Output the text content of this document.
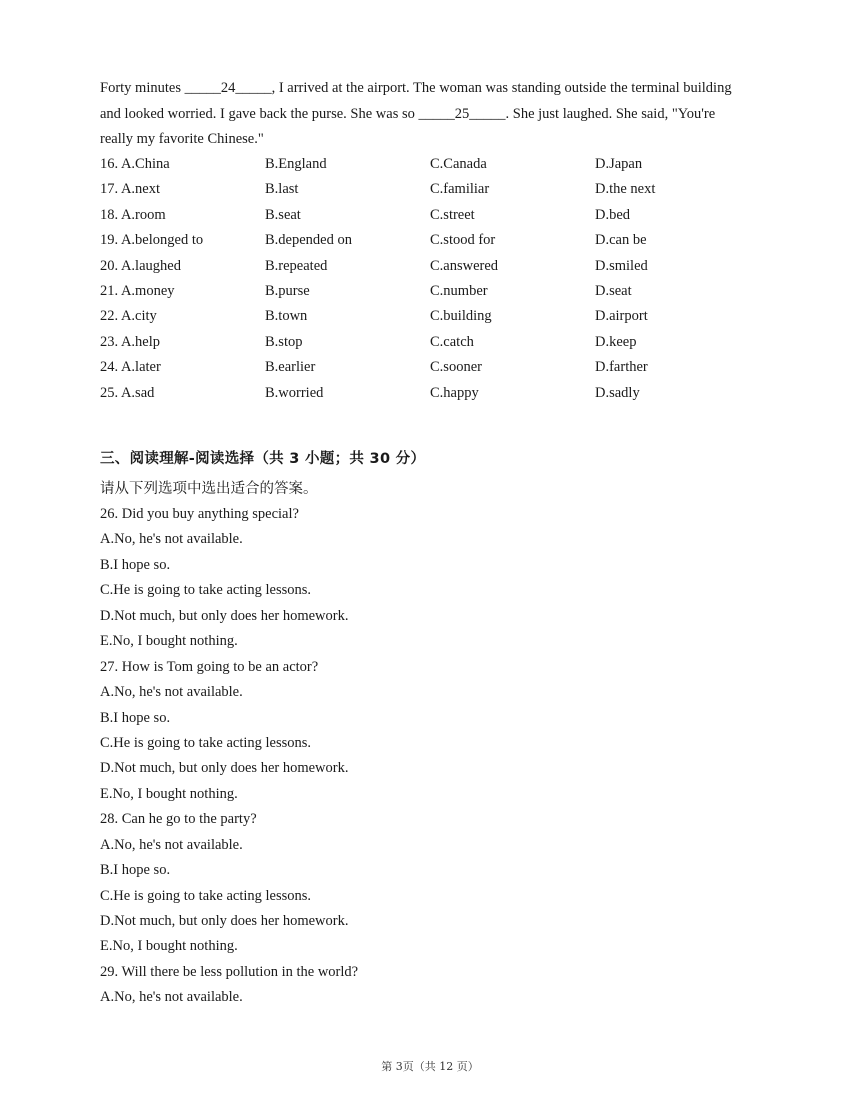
Forty minutes _____24_____, I arrived at the airport. The woman was standing outside the terminal building

and looked worried. I gave back the purse. She was so _____25_____. She just laughed. She said, "You're

really my favorite Chinese."

16. A.China	B.England	C.Canada	D.Japan
17. A.next	B.last	C.familiar	D.the next
18. A.room	B.seat	C.street	D.bed
19. A.belonged to	B.depended on	C.stood for	D.can be
20. A.laughed	B.repeated	C.answered	D.smiled
21. A.money	B.purse	C.number	D.seat
22. A.city	B.town	C.building	D.airport
23. A.help	B.stop	C.catch	D.keep
24. A.later	B.earlier	C.sooner	D.farther
25. A.sad	B.worried	C.happy	D.sadly
三、阅读理解-阅读选择（共 3 小题；共 30 分）
请从下列选项中选出适合的答案。
26. Did you buy anything special?
A.No, he's not available.
B.I hope so.
C.He is going to take acting lessons.
D.Not much, but only does her homework.
E.No, I bought nothing.
27. How is Tom going to be an actor?
A.No, he's not available.
B.I hope so.
C.He is going to take acting lessons.
D.Not much, but only does her homework.
E.No, I bought nothing.
28. Can he go to the party?
A.No, he's not available.
B.I hope so.
C.He is going to take acting lessons.
D.Not much, but only does her homework.
E.No, I bought nothing.
29. Will there be less pollution in the world?
A.No, he's not available.
第 3页（共 12 页）
